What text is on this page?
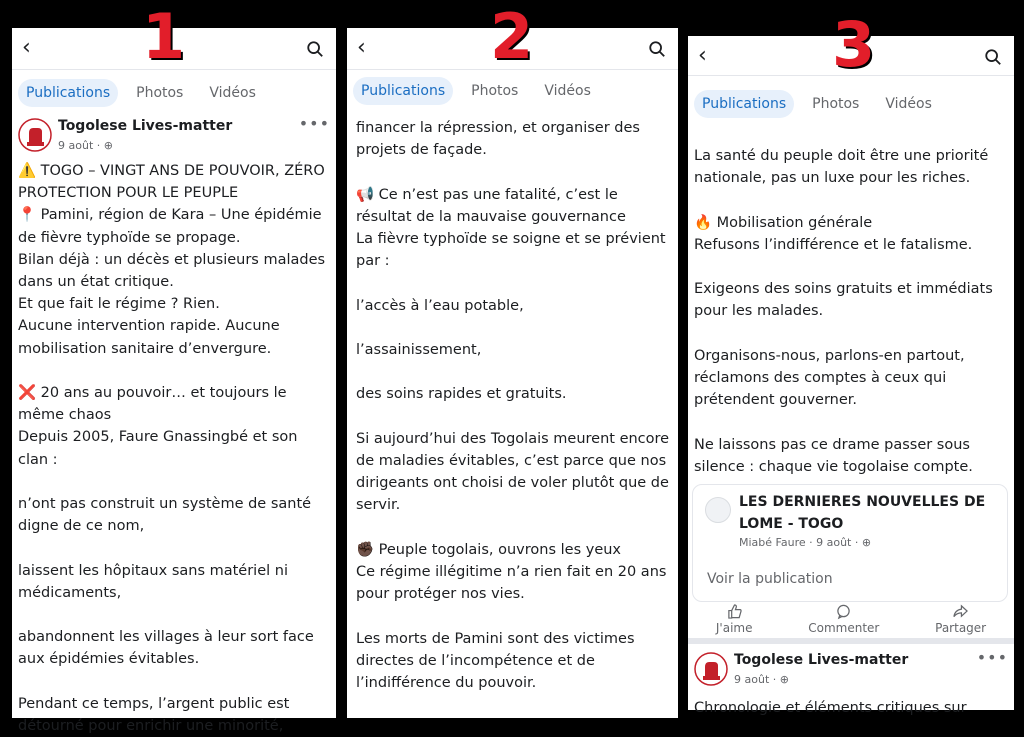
1	2	3
‹
Publications	Photos	Vidéos
Togolese Lives-matter
9 août · ⊕
•••
⚠️ TOGO – VINGT ANS DE POUVOIR, ZÉRO PROTECTION POUR LE PEUPLE
📍 Pamini, région de Kara – Une épidémie de fièvre typhoïde se propage.
Bilan déjà : un décès et plusieurs malades dans un état critique.
Et que fait le régime ? Rien.
Aucune intervention rapide. Aucune mobilisation sanitaire d’envergure.

❌ 20 ans au pouvoir… et toujours le même chaos
Depuis 2005, Faure Gnassingbé et son clan :

n’ont pas construit un système de santé digne de ce nom,

laissent les hôpitaux sans matériel ni médicaments,

abandonnent les villages à leur sort face aux épidémies évitables.

Pendant ce temps, l’argent public est détourné pour enrichir une minorité,
‹
Publications	Photos	Vidéos
financer la répression, et organiser des projets de façade.

📢 Ce n’est pas une fatalité, c’est le résultat de la mauvaise gouvernance
La fièvre typhoïde se soigne et se prévient par :

l’accès à l’eau potable,

l’assainissement,

des soins rapides et gratuits.

Si aujourd’hui des Togolais meurent encore de maladies évitables, c’est parce que nos dirigeants ont choisi de voler plutôt que de servir.

✊🏿 Peuple togolais, ouvrons les yeux
Ce régime illégitime n’a rien fait en 20 ans pour protéger nos vies.

Les morts de Pamini sont des victimes directes de l’incompétence et de l’indifférence du pouvoir.
‹
Publications	Photos	Vidéos
La santé du peuple doit être une priorité nationale, pas un luxe pour les riches.

🔥 Mobilisation générale
Refusons l’indifférence et le fatalisme.

Exigeons des soins gratuits et immédiats pour les malades.

Organisons-nous, parlons-en partout, réclamons des comptes à ceux qui prétendent gouverner.

Ne laissons pas ce drame passer sous silence : chaque vie togolaise compte.
LES DERNIERES NOUVELLES DE LOME - TOGO
Miabé Faure · 9 août · ⊕
Voir la publication
J'aime	Commenter	Partager
Togolese Lives-matter
9 août · ⊕
•••
Chronologie et éléments critiques sur
